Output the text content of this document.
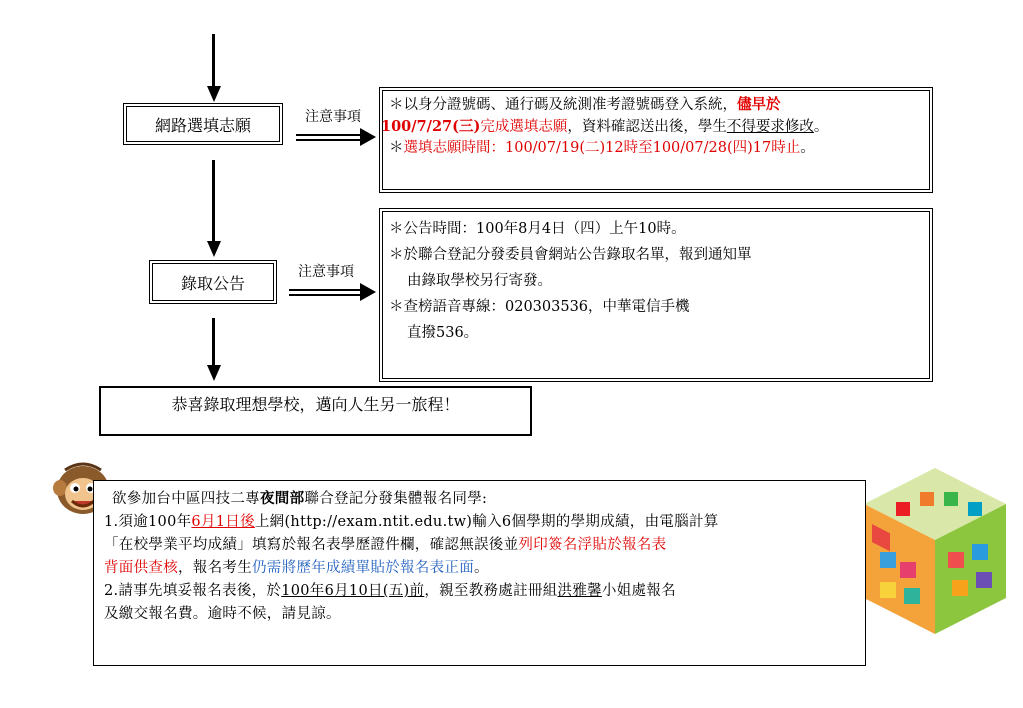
網路選填志願	注意事項
＊以身分證號碼、通行碼及統測准考證號碼登入系統，儘早於
100/7/27(三)完成選填志願，資料確認送出後，學生不得要求修改。
＊選填志願時間：100/07/19(二)12時至100/07/28(四)17時止。
錄取公告
注意事項
＊公告時間：100年8月4日（四）上午10時。
＊於聯合登記分發委員會網站公告錄取名單，報到通知單
由錄取學校另行寄發。
＊查榜語音專線：020303536，中華電信手機
直撥536。
恭喜錄取理想學校，邁向人生另一旅程！
欲參加台中區四技二專夜間部聯合登記分發集體報名同學:
1.須逾100年6月1日後上網(http://exam.ntit.edu.tw)輸入6個學期的學期成績，由電腦計算
「在校學業平均成績」填寫於報名表學歷證件欄，確認無誤後並列印簽名浮貼於報名表
背面供查核，報名考生仍需將歷年成績單貼於報名表正面。
2.請事先填妥報名表後，於100年6月10日(五)前，親至教務處註冊組洪雅馨小姐處報名
及繳交報名費。逾時不候，請見諒。
